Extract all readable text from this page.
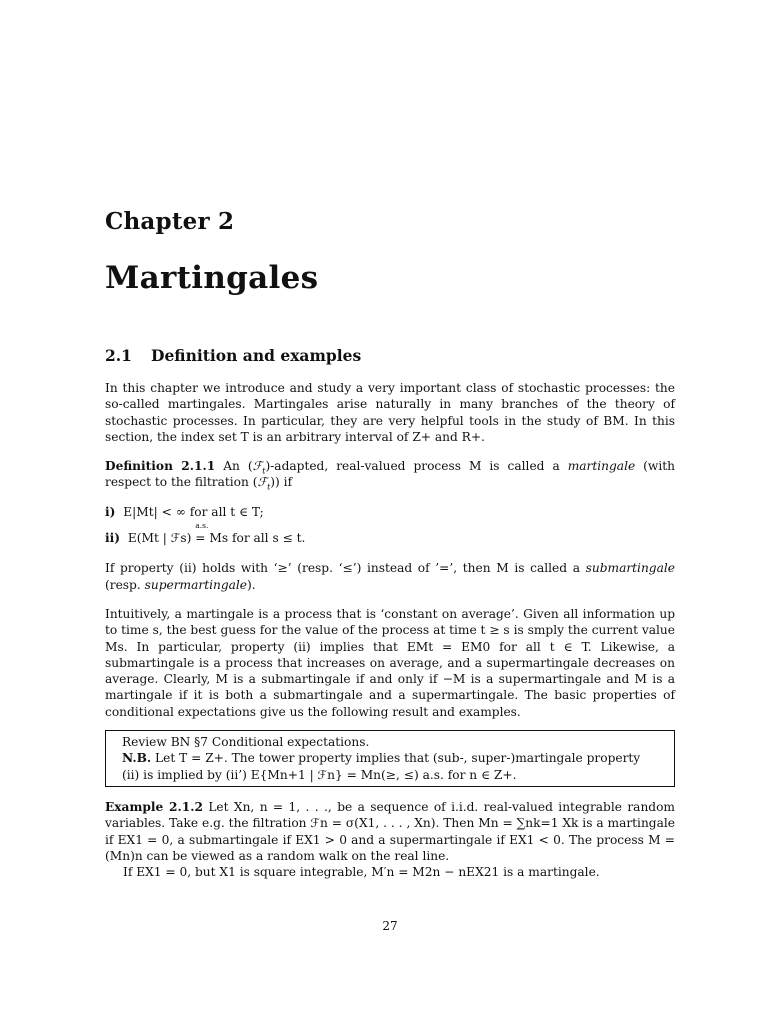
Chapter 2
Martingales
2.1 Definition and examples

In this chapter we introduce and study a very important class of stochastic processes: the so-called martingales. Martingales arise naturally in many branches of the theory of stochastic processes. In particular, they are very helpful tools in the study of BM. In this section, the index set T is an arbitrary interval of Z+ and R+.

Definition 2.1.1 An (ℱ$_t$)-adapted, real-valued process M is called a martingale (with respect to the filtration (ℱ$_t$)) if

i) E|Mt| < ∞ for all t ∈ T;

ii) E(Mt | ℱs)
a.s.
= Ms for all s ≤ t.

If property (ii) holds with ‘≥’ (resp. ‘≤’) instead of ’=’, then M is called a submartingale (resp. supermartingale).

Intuitively, a martingale is a process that is ‘constant on average’. Given all information up to time s, the best guess for the value of the process at time t ≥ s is smply the current value Ms. In particular, property (ii) implies that EMt = EM0 for all t ∈ T. Likewise, a submartingale is a process that increases on average, and a supermartingale decreases on average. Clearly, M is a submartingale if and only if −M is a supermartingale and M is a martingale if it is both a submartingale and a supermartingale. The basic properties of conditional expectations give us the following result and examples.

Review BN §7 Conditional expectations.
N.B. Let T = Z+. The tower property implies that (sub-, super-)martingale property (ii) is implied by (ii’) E{Mn+1 | ℱn} = Mn(≥, ≤) a.s. for n ∈ Z+.

Example 2.1.2 Let Xn, n = 1, . . ., be a sequence of i.i.d. real-valued integrable random variables. Take e.g. the filtration ℱn = σ(X1, . . . , Xn). Then Mn = ∑nk=1 Xk is a martingale if EX1 = 0, a submartingale if EX1 > 0 and a supermartingale if EX1 < 0. The process M = (Mn)n can be viewed as a random walk on the real line.

If EX1 = 0, but X1 is square integrable, M′n = M2n − nEX21 is a martingale.

27
